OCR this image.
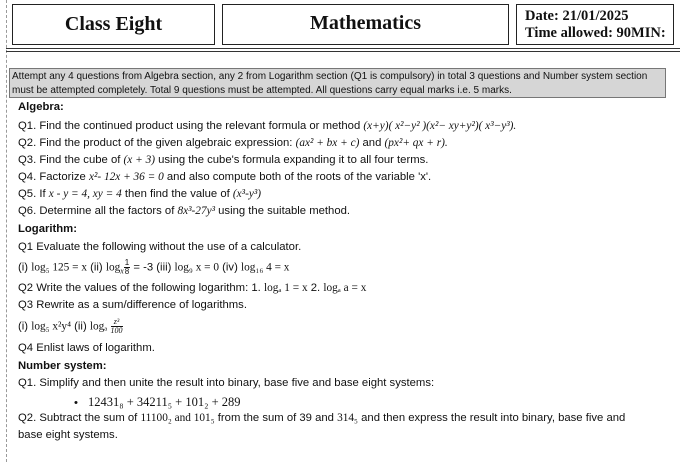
Class Eight	Mathematics	Date: 21/01/2025
Time allowed: 90MIN:
Attempt any 4 questions from Algebra section, any 2 from Logarithm section (Q1 is compulsory) in total 3 questions and Number system section must be attempted completely. Total 9 questions must be attempted. All questions carry equal marks i.e. 5 marks.
Algebra:
Q1. Find the continued product using the relevant formula or method (x+y)( x²−y² )(x²− xy+y²)( x³−y³).
Q2. Find the product of the given algebraic expression: (ax² + bx + c) and (px²+ qx + r).
Q3. Find the cube of (x + 3) using the cube's formula expanding it to all four terms.
Q4. Factorize x²- 12x + 36 = 0 and also compute both of the roots of the variable 'x'.
Q5. If x - y = 4, xy = 4 then find the value of (x³-y³)
Q6. Determine all the factors of 8x³-27y³ using the suitable method.
Logarithm:
Q1 Evaluate the following without the use of a calculator.
(i) log₅ 125 = x (ii) $\log_x \frac{1}{8} = -3$ (iii) log₉ x = 0 (iv) log₁₆ 4 = x
Q2 Write the values of the following logarithm: 1. logₐ 1 = x 2. logₐ a = x
Q3 Rewrite as a sum/difference of logarithms.
(i) log₅ x²y⁴ (ii) logₐ $\frac{\text{z³}}{100}$
Q4 Enlist laws of logarithm.
Number system:
Q1. Simplify and then unite the result into binary, base five and base eight systems:
• 12431₈ + 34211₅ + 101₂ + 289
Q2. Subtract the sum of 11100₂ and 101₅ from the sum of 39 and 314₅ and then express the result into binary, base five and
base eight systems.
